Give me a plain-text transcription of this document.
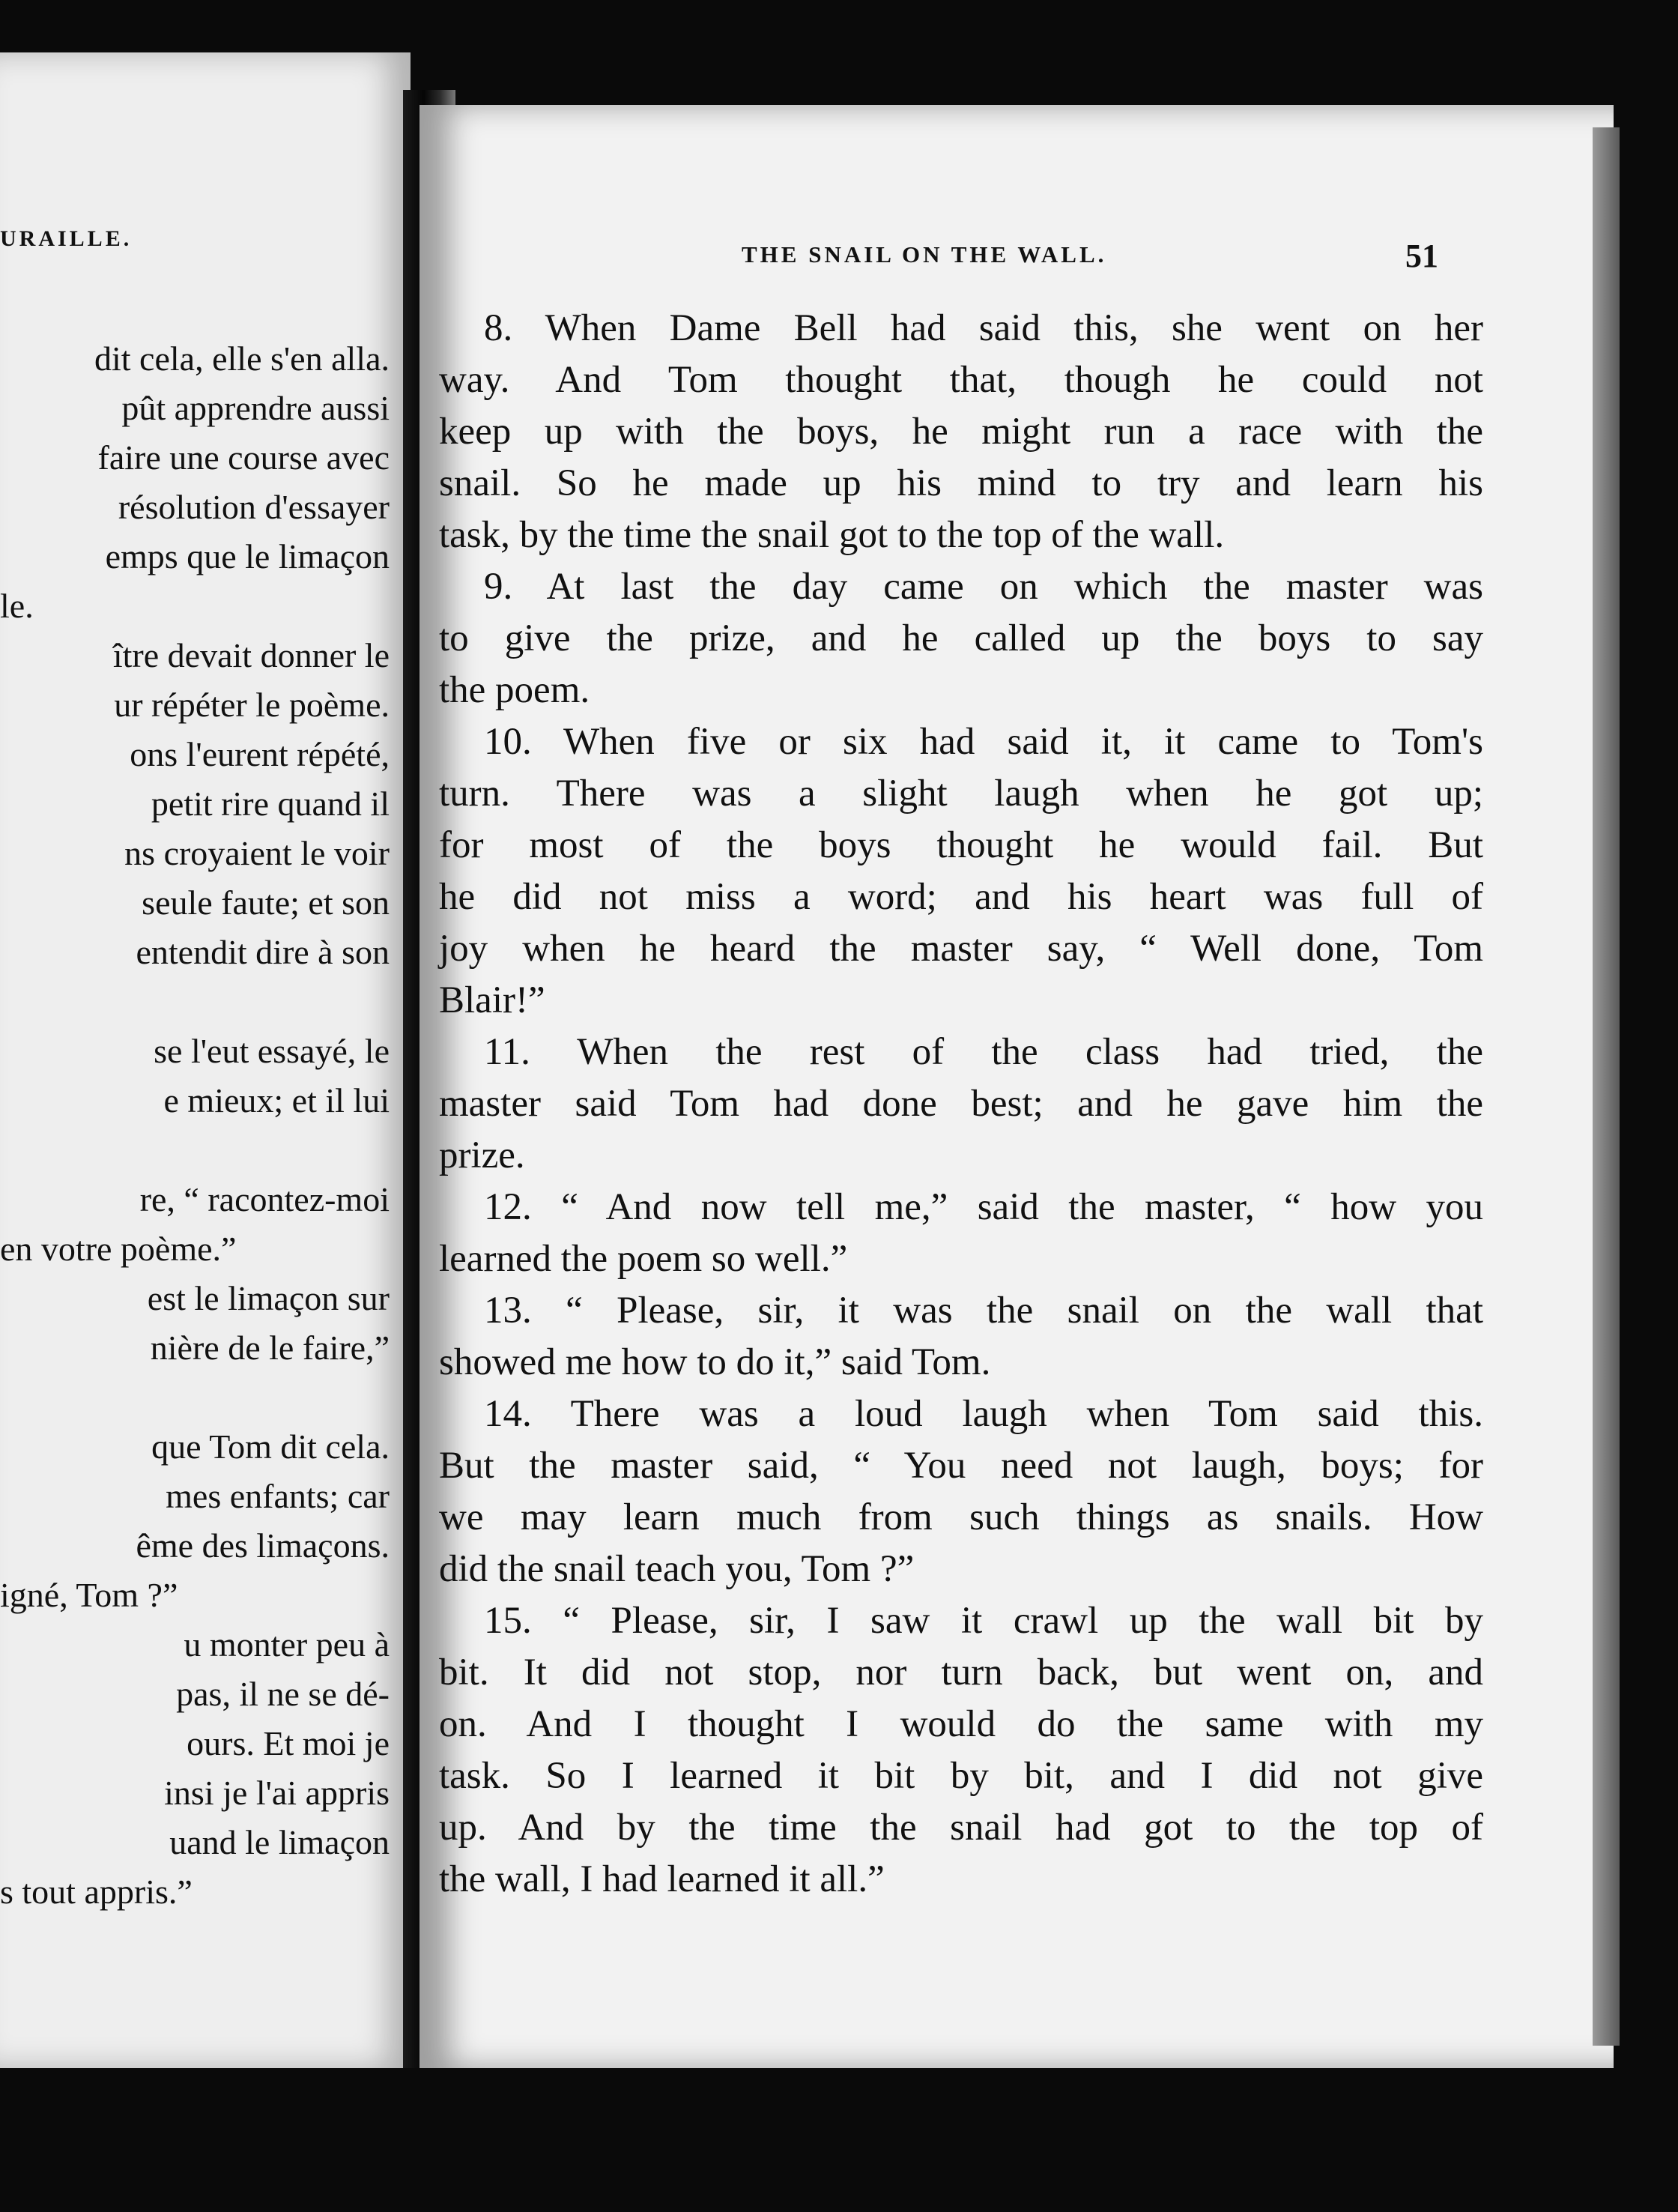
URAILLE.
dit cela, elle s'en alla.
pût apprendre aussi
faire une course avec
résolution d'essayer
emps que le limaçon
le.
ître devait donner le
ur répéter le poème.
ons l'eurent répété,
petit rire quand il
ns croyaient le voir
seule faute; et son
entendit dire à son
se l'eut essayé, le
e mieux; et il lui
re, “ racontez-moi
en votre poème.”
est le limaçon sur
nière de le faire,”
que Tom dit cela.
mes enfants; car
ême des limaçons.
igné, Tom ?”
u monter peu à
pas, il ne se dé-
ours. Et moi je
insi je l'ai appris
uand le limaçon
s tout appris.”
THE SNAIL ON THE WALL.	51
8. When Dame Bell had said this, she went on her
way. And Tom thought that, though he could not
keep up with the boys, he might run a race with the
snail. So he made up his mind to try and learn his
task, by the time the snail got to the top of the wall.
9. At last the day came on which the master was
to give the prize, and he called up the boys to say
the poem.
10. When five or six had said it, it came to Tom's
turn. There was a slight laugh when he got up;
for most of the boys thought he would fail. But
he did not miss a word; and his heart was full of
joy when he heard the master say, “ Well done, Tom
Blair!”
11. When the rest of the class had tried, the
master said Tom had done best; and he gave him the
prize.
12. “ And now tell me,” said the master, “ how you
learned the poem so well.”
13. “ Please, sir, it was the snail on the wall that
showed me how to do it,” said Tom.
14. There was a loud laugh when Tom said this.
But the master said, “ You need not laugh, boys; for
we may learn much from such things as snails. How
did the snail teach you, Tom ?”
15. “ Please, sir, I saw it crawl up the wall bit by
bit. It did not stop, nor turn back, but went on, and
on. And I thought I would do the same with my
task. So I learned it bit by bit, and I did not give
up. And by the time the snail had got to the top of
the wall, I had learned it all.”
